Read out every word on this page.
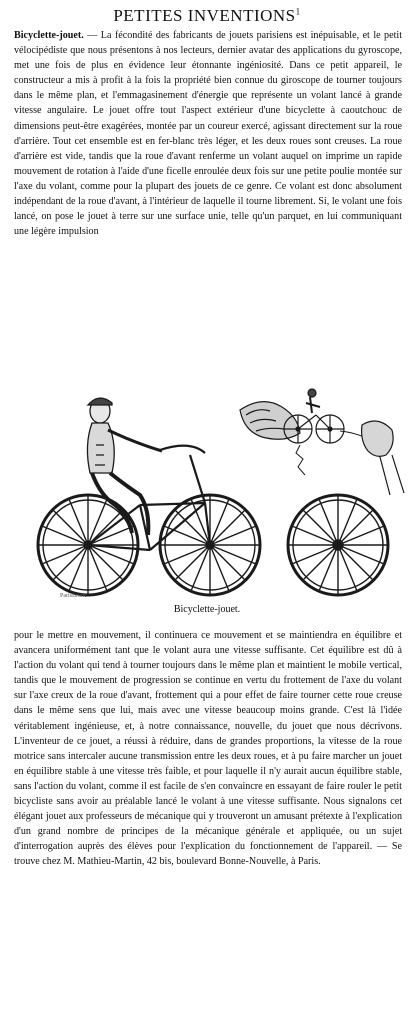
PETITES INVENTIONS$^1$
Bicyclette-jouet. — La fécondité des fabricants de jouets parisiens est inépuisable, et le petit vélocipédiste que nous présentons à nos lecteurs, dernier avatar des applications du gyroscope, met une fois de plus en évidence leur étonnante ingéniosité. Dans ce petit appareil, le constructeur a mis à profit à la fois la propriété bien connue du giroscope de tourner toujours dans le même plan, et l'emmagasinement d'énergie que représente un volant lancé à grande vitesse angulaire. Le jouet offre tout l'aspect extérieur d'une bicyclette à caoutchouc de dimensions peut-être exagérées, montée par un coureur exercé, agissant directement sur la roue d'arrière. Tout cet ensemble est en fer-blanc très léger, et les deux roues sont creuses. La roue d'arrière est vide, tandis que la roue d'avant renferme un volant auquel on imprime un rapide mouvement de rotation à l'aide d'une ficelle enroulée deux fois sur une petite poulie montée sur l'axe du volant, comme pour la plupart des jouets de ce genre. Ce volant est donc absolument indépendant de la roue d'avant, à l'intérieur de laquelle il tourne librement. Si, le volant une fois lancé, on pose le jouet à terre sur une surface unie, telle qu'un parquet, en lui communiquant une légère impulsion
ParisBrune
Bicyclette-jouet.
pour le mettre en mouvement, il continuera ce mouvement et se maintiendra en équilibre et avancera uniformément tant que le volant aura une vitesse suffisante. Cet équilibre est dû à l'action du volant qui tend à tourner toujours dans le même plan et maintient le mobile vertical, tandis que le mouvement de progression se continue en vertu du frottement de l'axe du volant sur l'axe creux de la roue d'avant, frottement qui a pour effet de faire tourner cette roue creuse dans le même sens que lui, mais avec une vitesse beaucoup moins grande. C'est là l'idée véritablement ingénieuse, et, à notre connaissance, nouvelle, du jouet que nous décrivons. L'inventeur de ce jouet, a réussi à réduire, dans de grandes proportions, la vitesse de la roue motrice sans intercaler aucune transmission entre les deux roues, et à pu faire marcher un jouet en équilibre stable à une vitesse très faible, et pour laquelle il n'y aurait aucun équilibre stable, sans l'action du volant, comme il est facile de s'en convaincre en essayant de faire rouler le petit bicycliste sans avoir au préalable lancé le volant à une vitesse suffisante. Nous signalons cet élégant jouet aux professeurs de mécanique qui y trouveront un amusant prétexte à l'explication d'un grand nombre de principes de la mécanique générale et appliquée, ou un sujet d'interrogation auprès des élèves pour l'explication du fonctionnement de l'appareil. — Se trouve chez M. Mathieu-Martin, 42 bis, boulevard Bonne-Nouvelle, à Paris.
